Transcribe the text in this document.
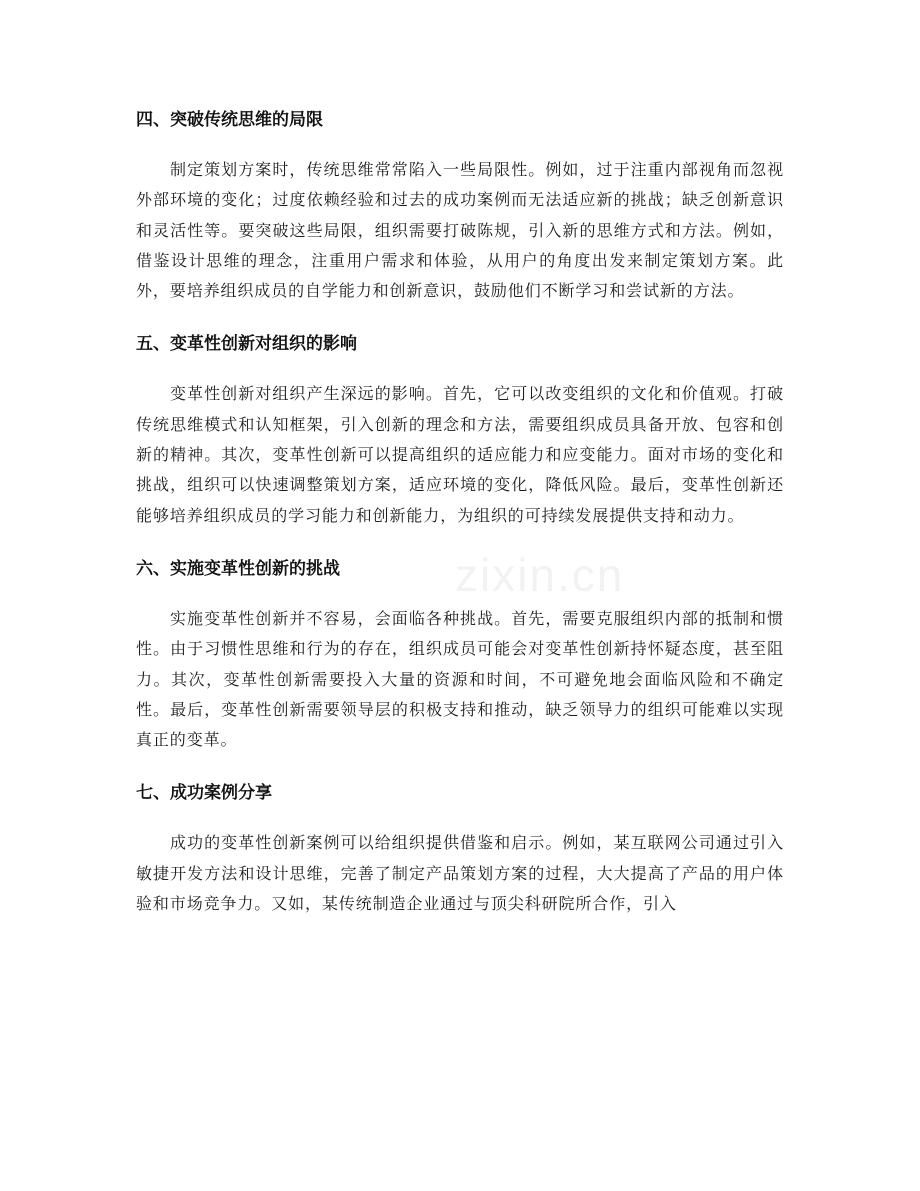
zixin.cn
四、突破传统思维的局限

制定策划方案时，传统思维常常陷入一些局限性。例如，过于注重内部视角而忽视外部环境的变化；过度依赖经验和过去的成功案例而无法适应新的挑战；缺乏创新意识和灵活性等。要突破这些局限，组织需要打破陈规，引入新的思维方式和方法。例如，借鉴设计思维的理念，注重用户需求和体验，从用户的角度出发来制定策划方案。此外，要培养组织成员的自学能力和创新意识，鼓励他们不断学习和尝试新的方法。

五、变革性创新对组织的影响

变革性创新对组织产生深远的影响。首先，它可以改变组织的文化和价值观。打破传统思维模式和认知框架，引入创新的理念和方法，需要组织成员具备开放、包容和创新的精神。其次，变革性创新可以提高组织的适应能力和应变能力。面对市场的变化和挑战，组织可以快速调整策划方案，适应环境的变化，降低风险。最后，变革性创新还能够培养组织成员的学习能力和创新能力，为组织的可持续发展提供支持和动力。

六、实施变革性创新的挑战

实施变革性创新并不容易，会面临各种挑战。首先，需要克服组织内部的抵制和惯性。由于习惯性思维和行为的存在，组织成员可能会对变革性创新持怀疑态度，甚至阻力。其次，变革性创新需要投入大量的资源和时间，不可避免地会面临风险和不确定性。最后，变革性创新需要领导层的积极支持和推动，缺乏领导力的组织可能难以实现真正的变革。

七、成功案例分享

成功的变革性创新案例可以给组织提供借鉴和启示。例如，某互联网公司通过引入敏捷开发方法和设计思维，完善了制定产品策划方案的过程，大大提高了产品的用户体验和市场竞争力。又如，某传统制造企业通过与顶尖科研院所合作，引入
